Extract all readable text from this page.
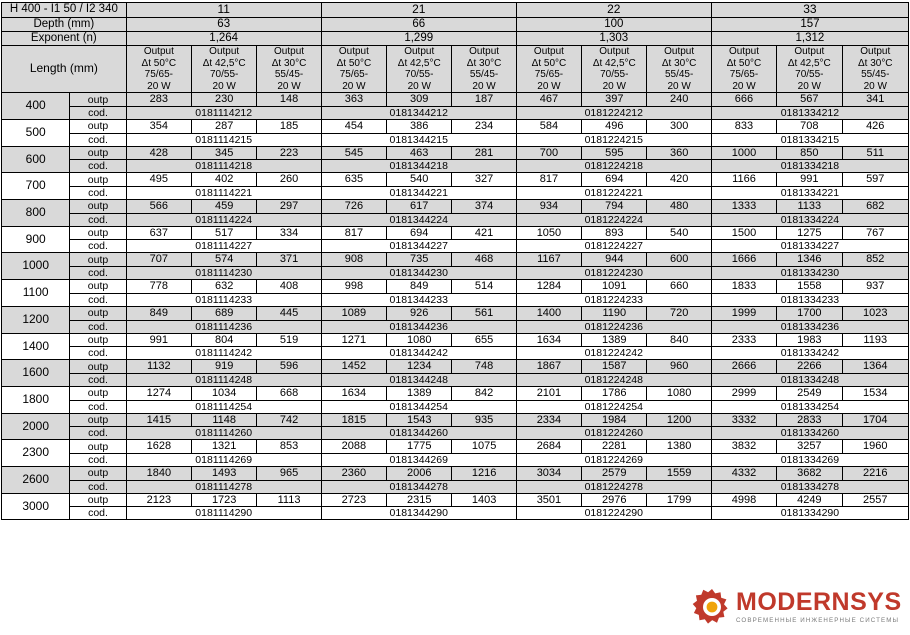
H 400 - I1 50 / I2 340		11			21			22			33		
Depth (mm)		63			66			100			157		
Exponent (n)		1,264			1,299			1,303			1,312		
Length (mm)		Output
Δt 50°C
75/65-
20 W	Output
Δt 42,5°C
70/55-
20 W	Output
Δt 30°C
55/45-
20 W	Output
Δt 50°C
75/65-
20 W	Output
Δt 42,5°C
70/55-
20 W	Output
Δt 30°C
55/45-
20 W	Output
Δt 50°C
75/65-
20 W	Output
Δt 42,5°C
70/55-
20 W	Output
Δt 30°C
55/45-
20 W	Output
Δt 50°C
75/65-
20 W	Output
Δt 42,5°C
70/55-
20 W	Output
Δt 30°C
55/45-
20 W
400	outp	283	230	148	363	309	187	467	397	240	666	567	341
	cod.	0181114212			0181344212			0181224212			0181334212		
500	outp	354	287	185	454	386	234	584	496	300	833	708	426
	cod.	0181114215			0181344215			0181224215			0181334215		
600	outp	428	345	223	545	463	281	700	595	360	1000	850	511
	cod.	0181114218			0181344218			0181224218			0181334218		
700	outp	495	402	260	635	540	327	817	694	420	1166	991	597
	cod.	0181114221			0181344221			0181224221			0181334221		
800	outp	566	459	297	726	617	374	934	794	480	1333	1133	682
	cod.	0181114224			0181344224			0181224224			0181334224		
900	outp	637	517	334	817	694	421	1050	893	540	1500	1275	767
	cod.	0181114227			0181344227			0181224227			0181334227		
1000	outp	707	574	371	908	735	468	1167	944	600	1666	1346	852
	cod.	0181114230			0181344230			0181224230			0181334230		
1100	outp	778	632	408	998	849	514	1284	1091	660	1833	1558	937
	cod.	0181114233			0181344233			0181224233			0181334233		
1200	outp	849	689	445	1089	926	561	1400	1190	720	1999	1700	1023
	cod.	0181114236			0181344236			0181224236			0181334236		
1400	outp	991	804	519	1271	1080	655	1634	1389	840	2333	1983	1193
	cod.	0181114242			0181344242			0181224242			0181334242		
1600	outp	1132	919	596	1452	1234	748	1867	1587	960	2666	2266	1364
	cod.	0181114248			0181344248			0181224248			0181334248		
1800	outp	1274	1034	668	1634	1389	842	2101	1786	1080	2999	2549	1534
	cod.	0181114254			0181344254			0181224254			0181334254		
2000	outp	1415	1148	742	1815	1543	935	2334	1984	1200	3332	2833	1704
	cod.	0181114260			0181344260			0181224260			0181334260		
2300	outp	1628	1321	853	2088	1775	1075	2684	2281	1380	3832	3257	1960
	cod.	0181114269			0181344269			0181224269			0181334269		
2600	outp	1840	1493	965	2360	2006	1216	3034	2579	1559	4332	3682	2216
	cod.	0181114278			0181344278			0181224278			0181334278		
3000	outp	2123	1723	1113	2723	2315	1403	3501	2976	1799	4998	4249	2557
	cod.	0181114290			0181344290			0181224290			0181334290		
MODERNSYS
СОВРЕМЕННЫЕ ИНЖЕНЕРНЫЕ СИСТЕМЫ
